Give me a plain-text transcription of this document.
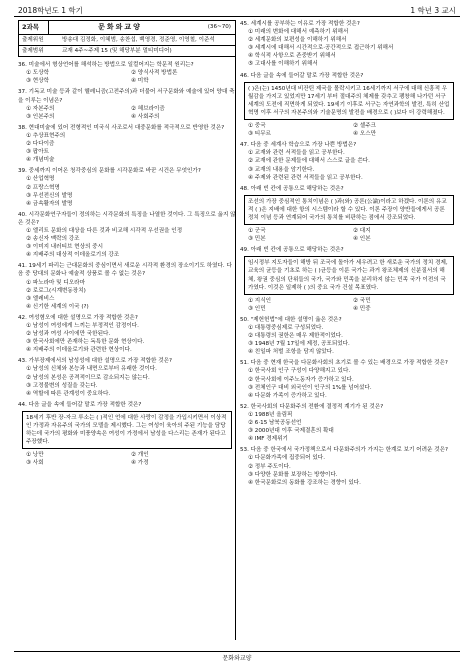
2018학년도 1 학기	1 학년 3 교시
2과목	문화와교양	(36~70)
출제위원	방송대 김정화, 이혜범, 송찬섭, 백영경, 정준영, 이영철, 이준석
출제범위	교재 4주~주제 15 (및 해당부분 멀티미디어)
36. 미술에서 형상언어를 해석하는 방법으로 일컬어지는 학문적 원리는?
① 도상학	② 양식사적 방법론
③ 현상학	④ 미학
37. 기독교 미술 등과 같이 헬레니즘(고전주의)과 더불어 서구문화와 예술에 있어 양대 축을 이루는 이념은?
① 자본주의	② 헤브라이즘
③ 인본주의	④ 사회주의
38. 현대미술에 있어 전형적인 미국식 사조로서 대중문화를 적극적으로 반영한 것은?
① 추상표현주의
② 다다이즘
③ 팝아트
④ 개념미술
39. 중세까지 이어온 청각중심의 문화를 시각문화로 바꾼 시건은 무엇인가?
① 산업혁명
② 프랑스혁명
③ 무선전신의 발명
④ 금속활자의 발명
40. 시각문화연구자들이 정의하는 시각문화의 특징을 나열한 것이다. 그 특징으로 옳지 않은 것은?
① 엘리트 문화의 대상을 다른 것과 비교해 시각적 우선권을 인정
② 송신자 맥락의 강조
③ 이미지 내러티브 현상의 중시
④ 지배주의 대상적 이데올로기의 강조
41. 19세기 파리는 근대문화의 중심이면서 새로운 시각적 환경의 장소이기도 하였다. 다음 중 당대의 문화나 예술적 상품로 볼 수 없는 것은?
① 파노라마 및 디오라마
② 로로그(시계변동장치)
③ 엘레비스
④ 신기한 세계의 이국 (?)
42. 여성혐오에 대한 설명으로 가장 적합한 것은?
① 남성이 여성에게 느끼는 부정적인 감정이다.
② 남성과 여성 사이에만 국한된다.
③ 한국사회에만 존재하는 독특한 문화 현상이다.
④ 지배주의 이데올로기와 관련한 현상이다.
43. 가부장제에서의 남성성에 대한 설명으로 가장 적합한 것은?
① 남성의 신체와 본능과 내면으로부터 유래한 것이다.
② 남성의 본성은 공격적이므로 감소되지는 않는다.
③ 고정불변의 성질을 갖는다.
④ 역할에 따른 관계성이 중요하다.
44. 다음 글을 속에 들어갈 말로 가장 적합한 것은?
18세기 후반 장-자크 루소는 ( )적인 언에 대한 사랑이 감정을 가입시키면서 이상적인 가정과 자유주의 국가의 모델을 제시했다. 그는 여성이 육아의 주된 기능을 담당하는데 국가의 평화와 미풍양속은 여성이 가정에서 남성을 다스리는 존재가 된다고 주장했다.
① 낭만	② 개인
③ 사회	④ 가정
45. 세계시를 공부하는 이유로 가장 적합한 것은?
① 미래의 변화에 대해서 예측하기 위해서
② 세계문화의 보편성을 이해하기 위해서
③ 세계시에 대해서 시간적으로·공간적으로 접근하기 위해서
④ 학식적 사항으로 존중받기 위해서
⑤ 고대사를 이해하기 위해서
46. 다음 글을 속에 들어갈 말로 가장 적합한 것은?
( )은(는) 1450년대 비잔틴 제국을 몰락시키고 16세기까지 서구에 대해 신흥적 우월감을 가지고 있었지만 17세기 부터 절대주의 체제를 갖추고 팽창해 나가던 서구세계의 도전에 직면하게 되었다. 19세기 이후로 서구는 자연과학의 발전, 특히 산업혁명 이후 서구의 자본주의와 기술문명의 발전을 배경으로 ( )보다 더 강력해졌다.
① 중국	② 셀주크
③ 티무르	④ 오스만
47. 다음 중 세계사 학습으로 가장 나쁜 방법은?
① 교재와 관련 서적들을 읽고 공부한다.
② 교재에 관한 문제들에 대해서 스스로 글을 쓴다.
③ 교재의 내용을 암기한다.
④ 주제와 관련된 관련 서적들을 읽고 공부한다.
48. 아래 빈 칸에 공통으로 해당하는 것은?
조선의 가장 중심적인 통치이념은 ( )과(와) 공론(公論)이라고 하겠다. 이론의 유교적 ( )은 지배에 대한 항의 시스템이라 할 수 있다. 이론 주장이 양반들에게서 공론 정치 이념 등과 연계되어 국가의 통치를 비판하는 점에서 강조되었다.
① 군국	② 대지
③ 민본	④ 인본
49. 아래 빈 칸에 공통으로 해당하는 것은?
임시정부 지도자들이 해방 뒤 조국에 돌아가 세우려고 한 새로운 국가의 정치 경제, 교육의 균등을 기초로 하는 ( )균등을 이룬 국가는 과거 왕조체제의 신분질서의 해체, 왕권 중심의 단위들의 국가, 국가와 민족을 분리하지 않는 민족 국가 이전의 국가였다. 이것은 일제하 ( )의 중요 국가 건설 목표였다.
① 지식인	② 국민
③ 인민	④ 민중
50. "제헌헌법"에 대한 설명이 옳은 것은?
① 대통령중심제로 구성되었다.
② 대통령의 권한은 매우 제한적이었다.
③ 1948년 7월 17일에 제정, 공포되었다.
④ 친일파 처벌 조항을 담지 않았다.
51. 다음 중 현재 한국을 다문화사회의 초기로 볼 수 있는 배경으로 가장 적합한 것은?
① 한국사회 인구 구성이 다양해지고 있다.
② 한국사회에 이주노동자가 증가하고 있다.
③ 전체인구 대비 외국인이 인구의 1%를 넘어섰다.
④ 다문화 가족이 증가하고 있다.
52. 한국사회의 다문화주의 전환에 결정적 계기가 된 것은?
① 1988년 올림픽
② 6·15 남북공동선언
③ 2000년대 이후 국제결혼의 확대
④ IMF 경제위기
53. 다음 중 한국에서 국가정책으로서 다문화주의가 가지는 한계로 보기 어려운 것은?
① 다문화가족에 집중되어 있다.
② 정부 주도이다.
③ 다양한 문화를 보장하는 방향이다.
④ 한국문화로의 동화를 강조하는 경향이 있다.
문화와교양
